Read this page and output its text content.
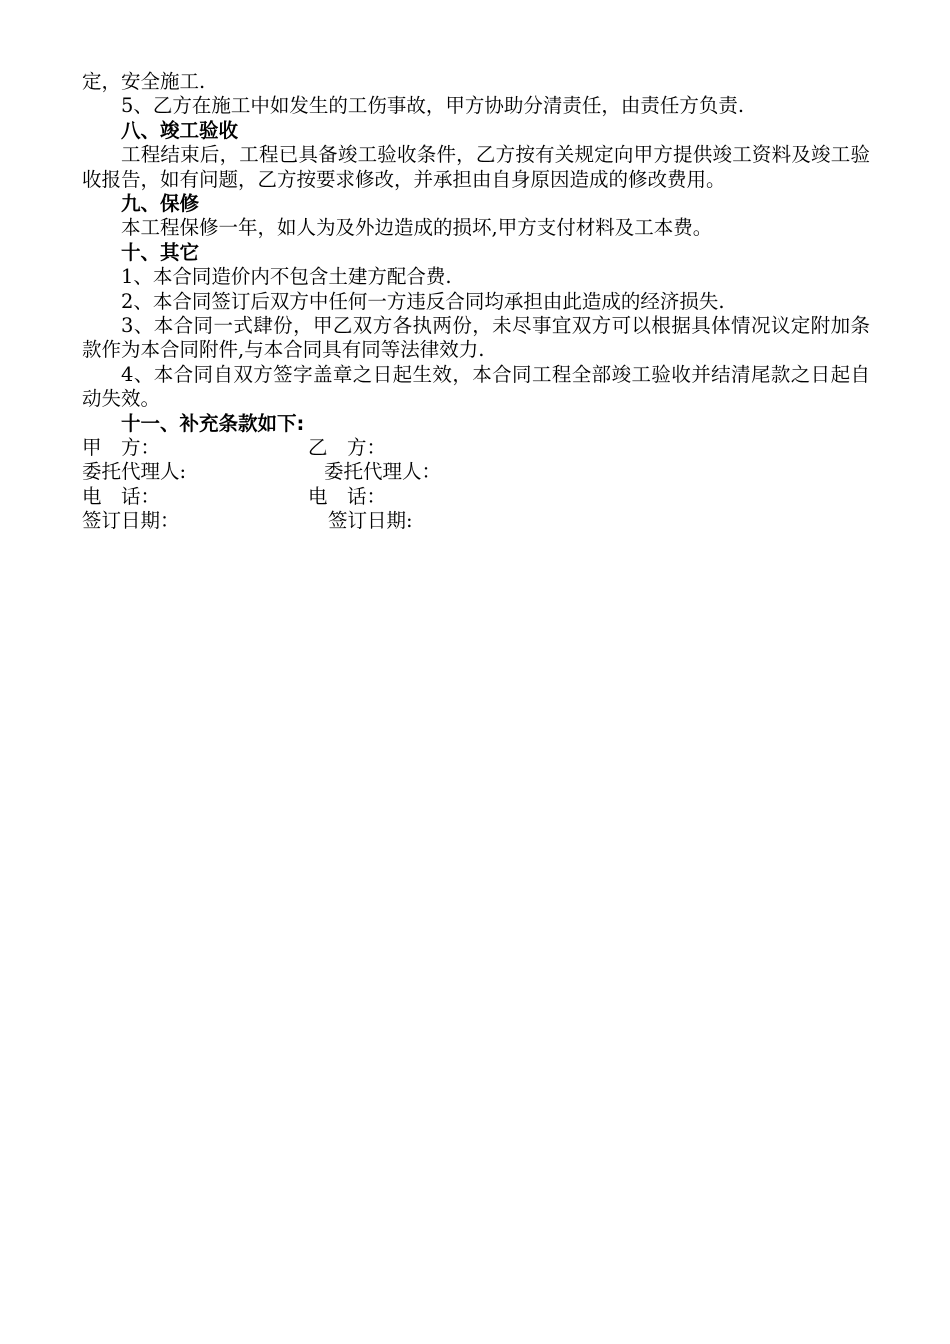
定，安全施工.

5、乙方在施工中如发生的工伤事故，甲方协助分清责任，由责任方负责.

八、竣工验收

工程结束后，工程已具备竣工验收条件，乙方按有关规定向甲方提供竣工资料及竣工验收报告，如有问题，乙方按要求修改，并承担由自身原因造成的修改费用。

九、保修

本工程保修一年，如人为及外边造成的损坏,甲方支付材料及工本费。

十、其它

1、本合同造价内不包含土建方配合费.

2、本合同签订后双方中任何一方违反合同均承担由此造成的经济损失.

3、本合同一式肆份，甲乙双方各执两份，未尽事宜双方可以根据具体情况议定附加条款作为本合同附件,与本合同具有同等法律效力.

4、本合同自双方签字盖章之日起生效，本合同工程全部竣工验收并结清尾款之日起自动失效。

十一、补充条款如下:

甲　方：	乙　方：
委托代理人:	委托代理人：
电　话：	电　话：
签订日期：	签订日期:
